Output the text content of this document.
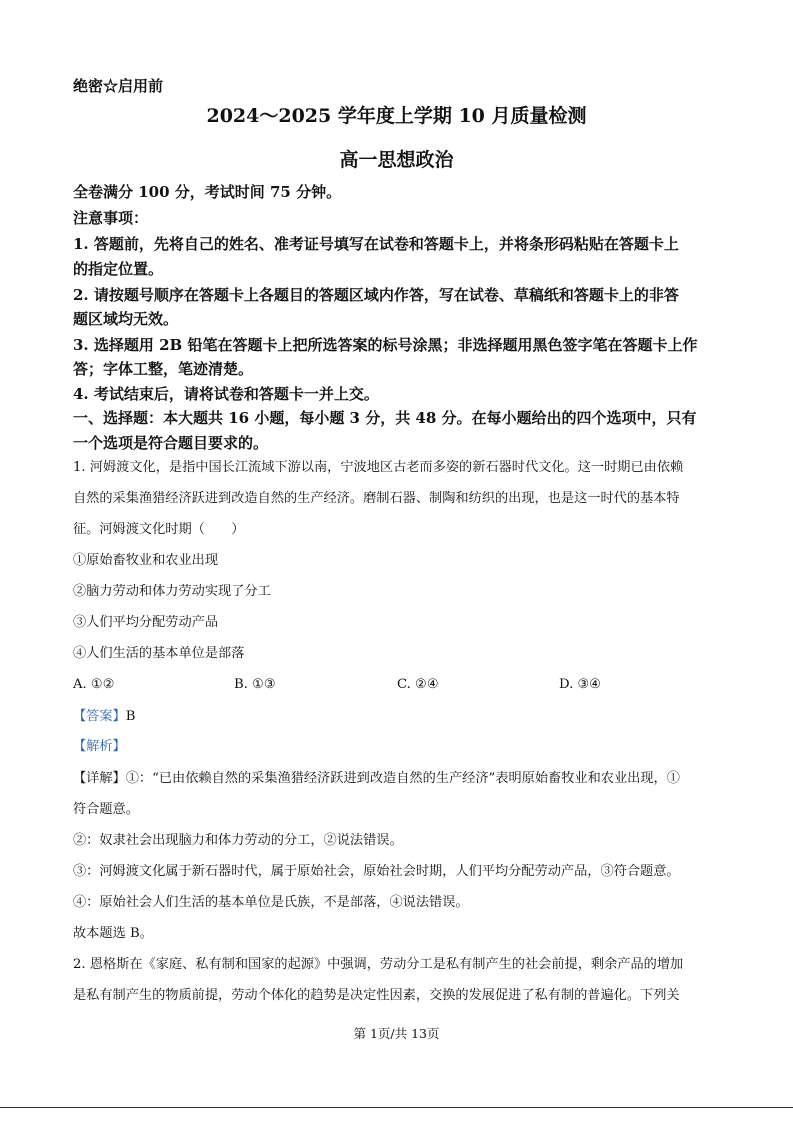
绝密☆启用前
2024～2025 学年度上学期 10 月质量检测
高一思想政治
全卷满分 100 分，考试时间 75 分钟。
注意事项：
1. 答题前，先将自己的姓名、准考证号填写在试卷和答题卡上，并将条形码粘贴在答题卡上
的指定位置。
2. 请按题号顺序在答题卡上各题目的答题区域内作答，写在试卷、草稿纸和答题卡上的非答
题区域均无效。
3. 选择题用 2B 铅笔在答题卡上把所选答案的标号涂黑；非选择题用黑色签字笔在答题卡上作
答；字体工整，笔迹清楚。
4. 考试结束后，请将试卷和答题卡一并上交。
一、选择题：本大题共 16 小题，每小题 3 分，共 48 分。在每小题给出的四个选项中，只有
一个选项是符合题目要求的。
1. 河姆渡文化，是指中国长江流域下游以南，宁波地区古老而多姿的新石器时代文化。这一时期已由依赖
自然的采集渔猎经济跃进到改造自然的生产经济。磨制石器、制陶和纺织的出现，也是这一时代的基本特
征。河姆渡文化时期（　　）
①原始畜牧业和农业出现
②脑力劳动和体力劳动实现了分工
③人们平均分配劳动产品
④人们生活的基本单位是部落
A. ①②	B. ①③	C. ②④	D. ③④
【答案】B
【解析】
【详解】①：“已由依赖自然的采集渔猎经济跃进到改造自然的生产经济”表明原始畜牧业和农业出现，①
符合题意。
②：奴隶社会出现脑力和体力劳动的分工，②说法错误。
③：河姆渡文化属于新石器时代，属于原始社会，原始社会时期，人们平均分配劳动产品，③符合题意。
④：原始社会人们生活的基本单位是氏族，不是部落，④说法错误。
故本题选 B。
2. 恩格斯在《家庭、私有制和国家的起源》中强调，劳动分工是私有制产生的社会前提，剩余产品的增加
是私有制产生的物质前提，劳动个体化的趋势是决定性因素，交换的发展促进了私有制的普遍化。下列关
第 1页/共 13页
